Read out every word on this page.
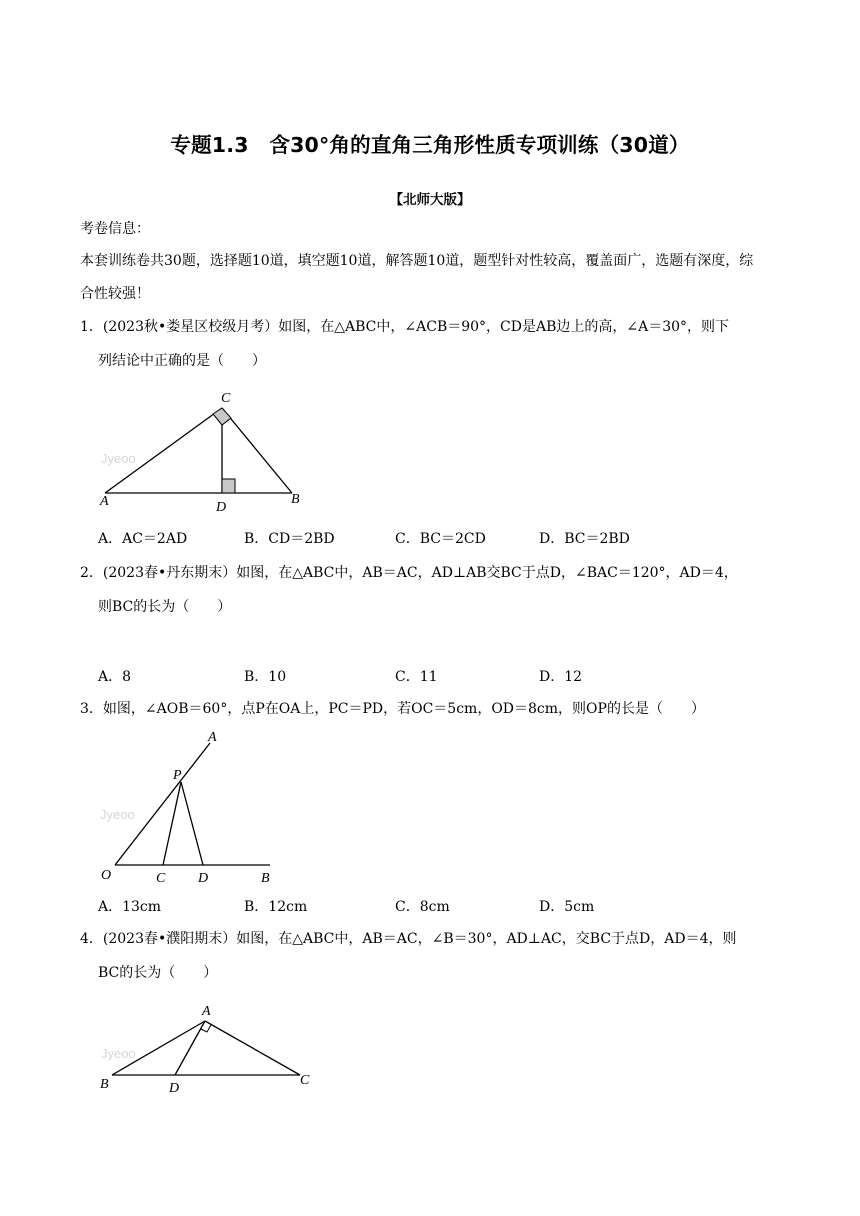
专题1.3　含30°角的直角三角形性质专项训练（30道）
【北师大版】
考卷信息：
本套训练卷共30题，选择题10道，填空题10道，解答题10道，题型针对性较高，覆盖面广，选题有深度，综
合性较强！
1．(2023秋•娄星区校级月考）如图，在△ABC中，∠ACB＝90°，CD是AB边上的高，∠A＝30°，则下
列结论中正确的是（　　）
Jyeoo
C
A	D
B
A．AC＝2AD	B．CD＝2BD	C．BC＝2CD	D．BC＝2BD
2．(2023春•丹东期末）如图，在△ABC中，AB＝AC，AD⊥AB交BC于点D，∠BAC＝120°，AD＝4，
则BC的长为（　　）
A．8	B．10	C．11	D．12
3．如图，∠AOB＝60°，点P在OA上，PC＝PD，若OC＝5cm，OD＝8cm，则OP的长是（　　）
Jyeoo
A
P
O	C D	B
A．13cm	B．12cm	C．8cm	D．5cm
4．(2023春•濮阳期末）如图，在△ABC中，AB＝AC，∠B＝30°，AD⊥AC，交BC于点D，AD＝4，则
BC的长为（　　）
Jyeoo
A
B	D
C
